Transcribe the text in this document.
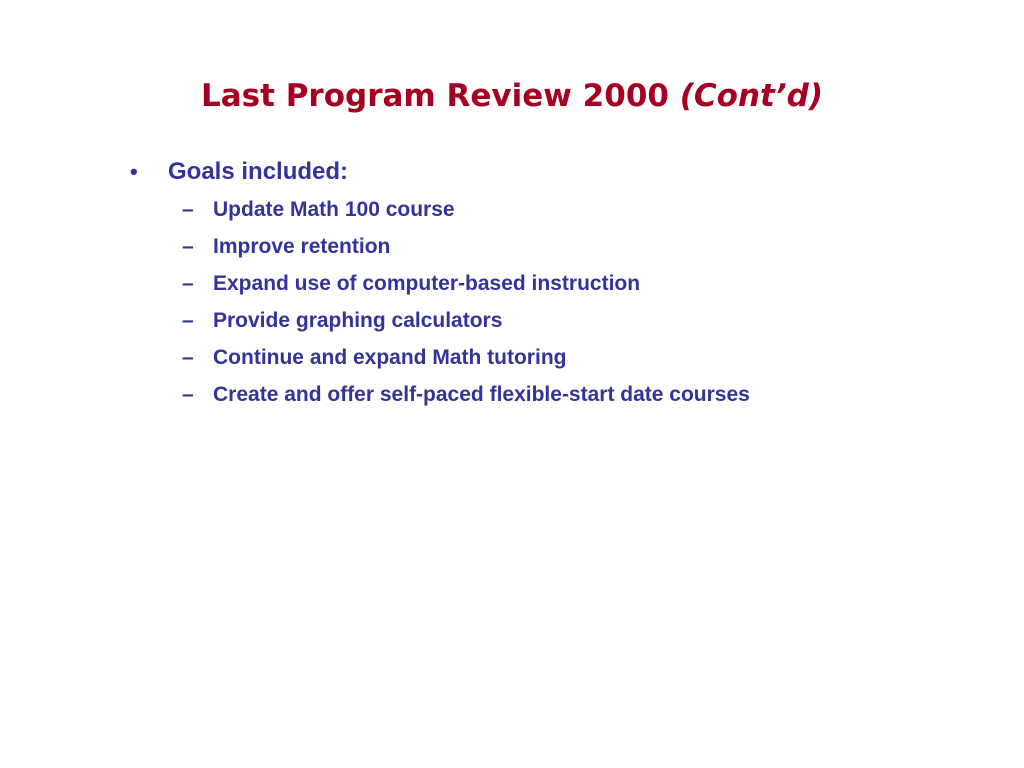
Last Program Review 2000 (Cont’d)
•	Goals included:
– Update Math 100 course
– Improve retention
– Expand use of computer-based instruction
– Provide graphing calculators
– Continue and expand Math tutoring
– Create and offer self-paced flexible-start date courses
